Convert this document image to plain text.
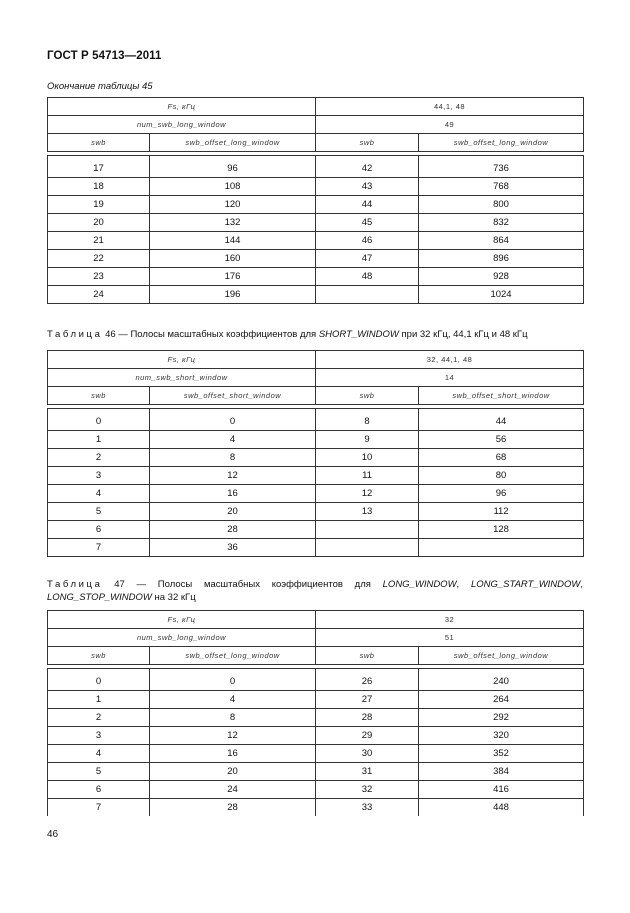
ГОСТ Р 54713—2011
Окончание таблицы 45
Fs, кГц		44,1, 48	
num_swb_long_window		49	
swb	swb_offset_long_window	swb	swb_offset_long_window

17	96	42	736
18	108	43	768
19	120	44	800
20	132	45	832
21	144	46	864
22	160	47	896
23	176	48	928
24	196		1024
Таблица 46 — Полосы масштабных коэффициентов для SHORT_WINDOW при 32 кГц, 44,1 кГц и 48 кГц
Fs, кГц		32, 44,1, 48	
num_swb_short_window		14	
swb	swb_offset_short_window	swb	swb_offset_short_window

0	0	8	44
1	4	9	56
2	8	10	68
3	12	11	80
4	16	12	96
5	20	13	112
6	28		128
7	36		
Таблица 47 — Полосы масштабных коэффициентов для LONG_WINDOW, LONG_START_WINDOW, LONG_STOP_WINDOW на 32 кГц
Fs, кГц		32	
num_swb_long_window		51	
swb	swb_offset_long_window	swb	swb_offset_long_window

0	0	26	240
1	4	27	264
2	8	28	292
3	12	29	320
4	16	30	352
5	20	31	384
6	24	32	416
7	28	33	448
46
